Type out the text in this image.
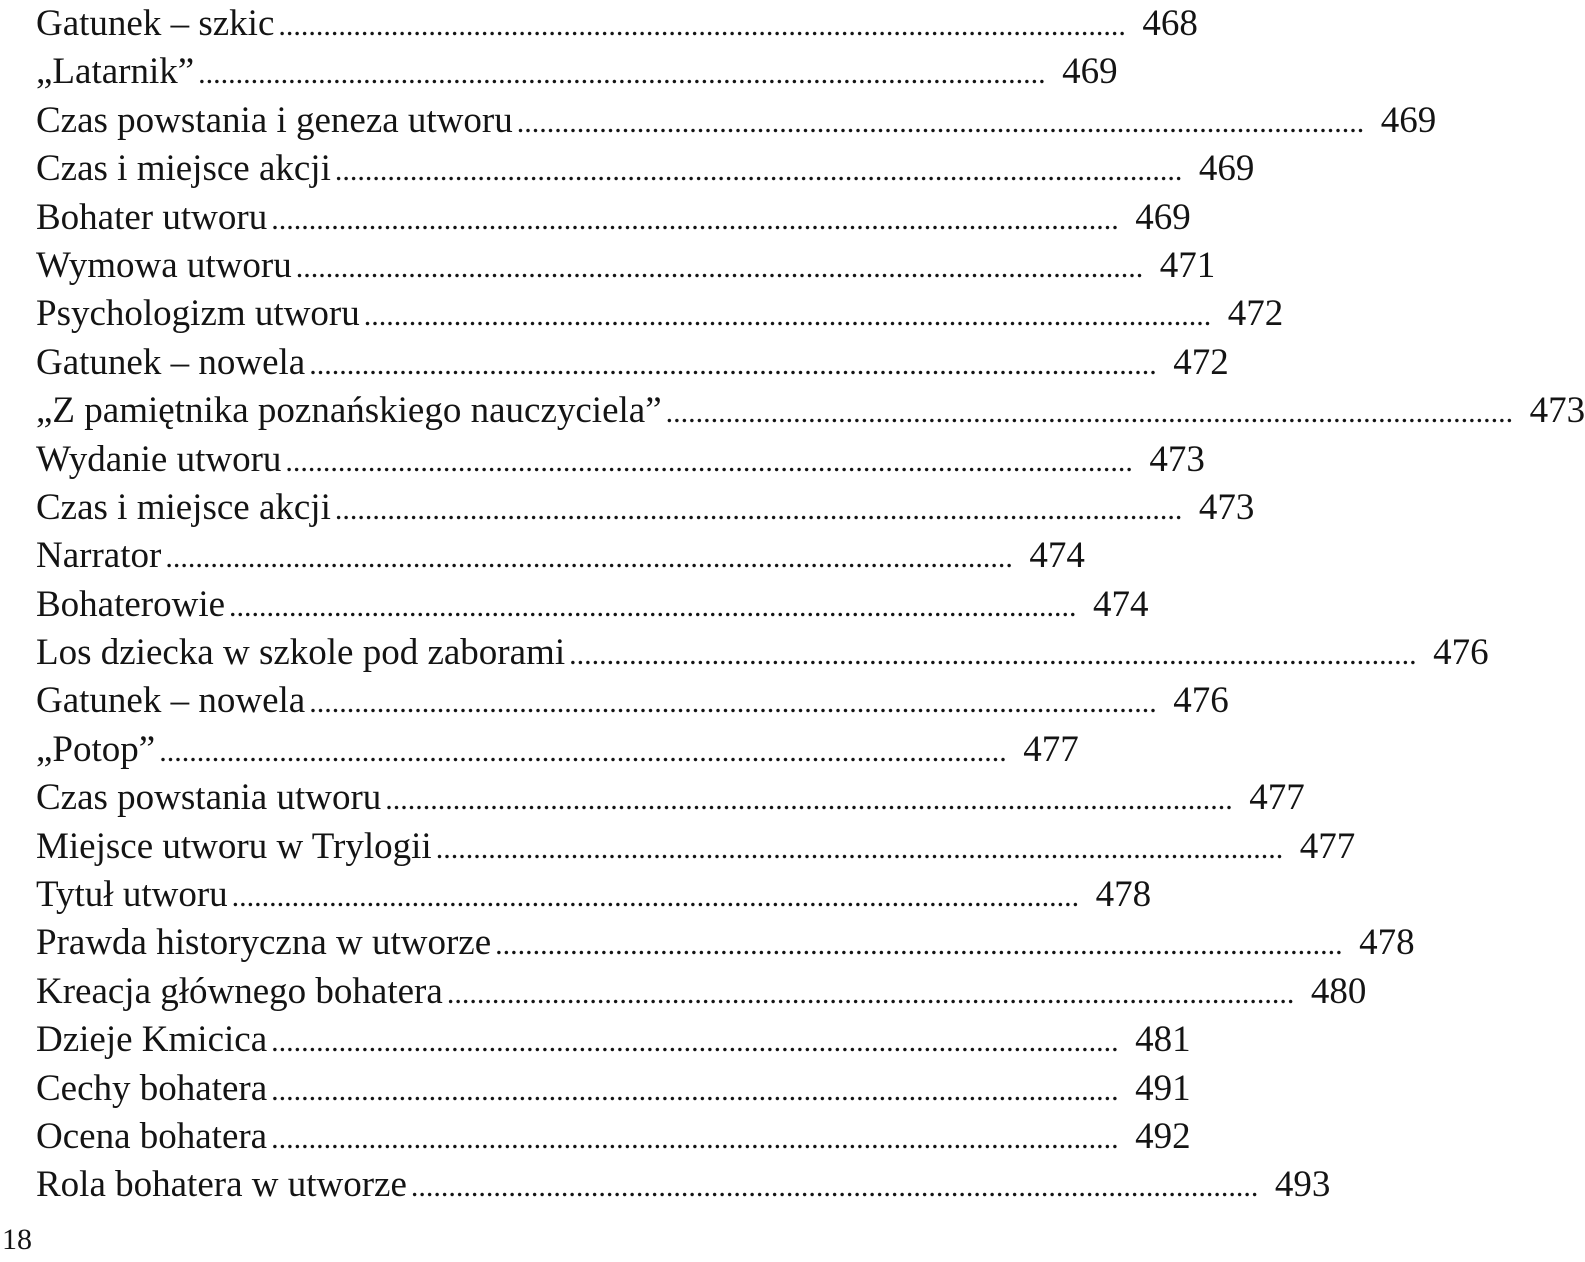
Gatunek – szkic ................................................................................................................. 468
„Latarnik” ................................................................................................................. 469
Czas powstania i geneza utworu ................................................................................................................. 469
Czas i miejsce akcji ................................................................................................................. 469
Bohater utworu ................................................................................................................. 469
Wymowa utworu ................................................................................................................. 471
Psychologizm utworu ................................................................................................................. 472
Gatunek – nowela ................................................................................................................. 472
„Z pamiętnika poznańskiego nauczyciela” ................................................................................................................. 473
Wydanie utworu ................................................................................................................. 473
Czas i miejsce akcji ................................................................................................................. 473
Narrator ................................................................................................................. 474
Bohaterowie ................................................................................................................. 474
Los dziecka w szkole pod zaborami ................................................................................................................. 476
Gatunek – nowela ................................................................................................................. 476
„Potop” ................................................................................................................. 477
Czas powstania utworu ................................................................................................................. 477
Miejsce utworu w Trylogii ................................................................................................................. 477
Tytuł utworu ................................................................................................................. 478
Prawda historyczna w utworze ................................................................................................................. 478
Kreacja głównego bohatera ................................................................................................................. 480
Dzieje Kmicica ................................................................................................................. 481
Cechy bohatera ................................................................................................................. 491
Ocena bohatera ................................................................................................................. 492
Rola bohatera w utworze ................................................................................................................. 493
18
